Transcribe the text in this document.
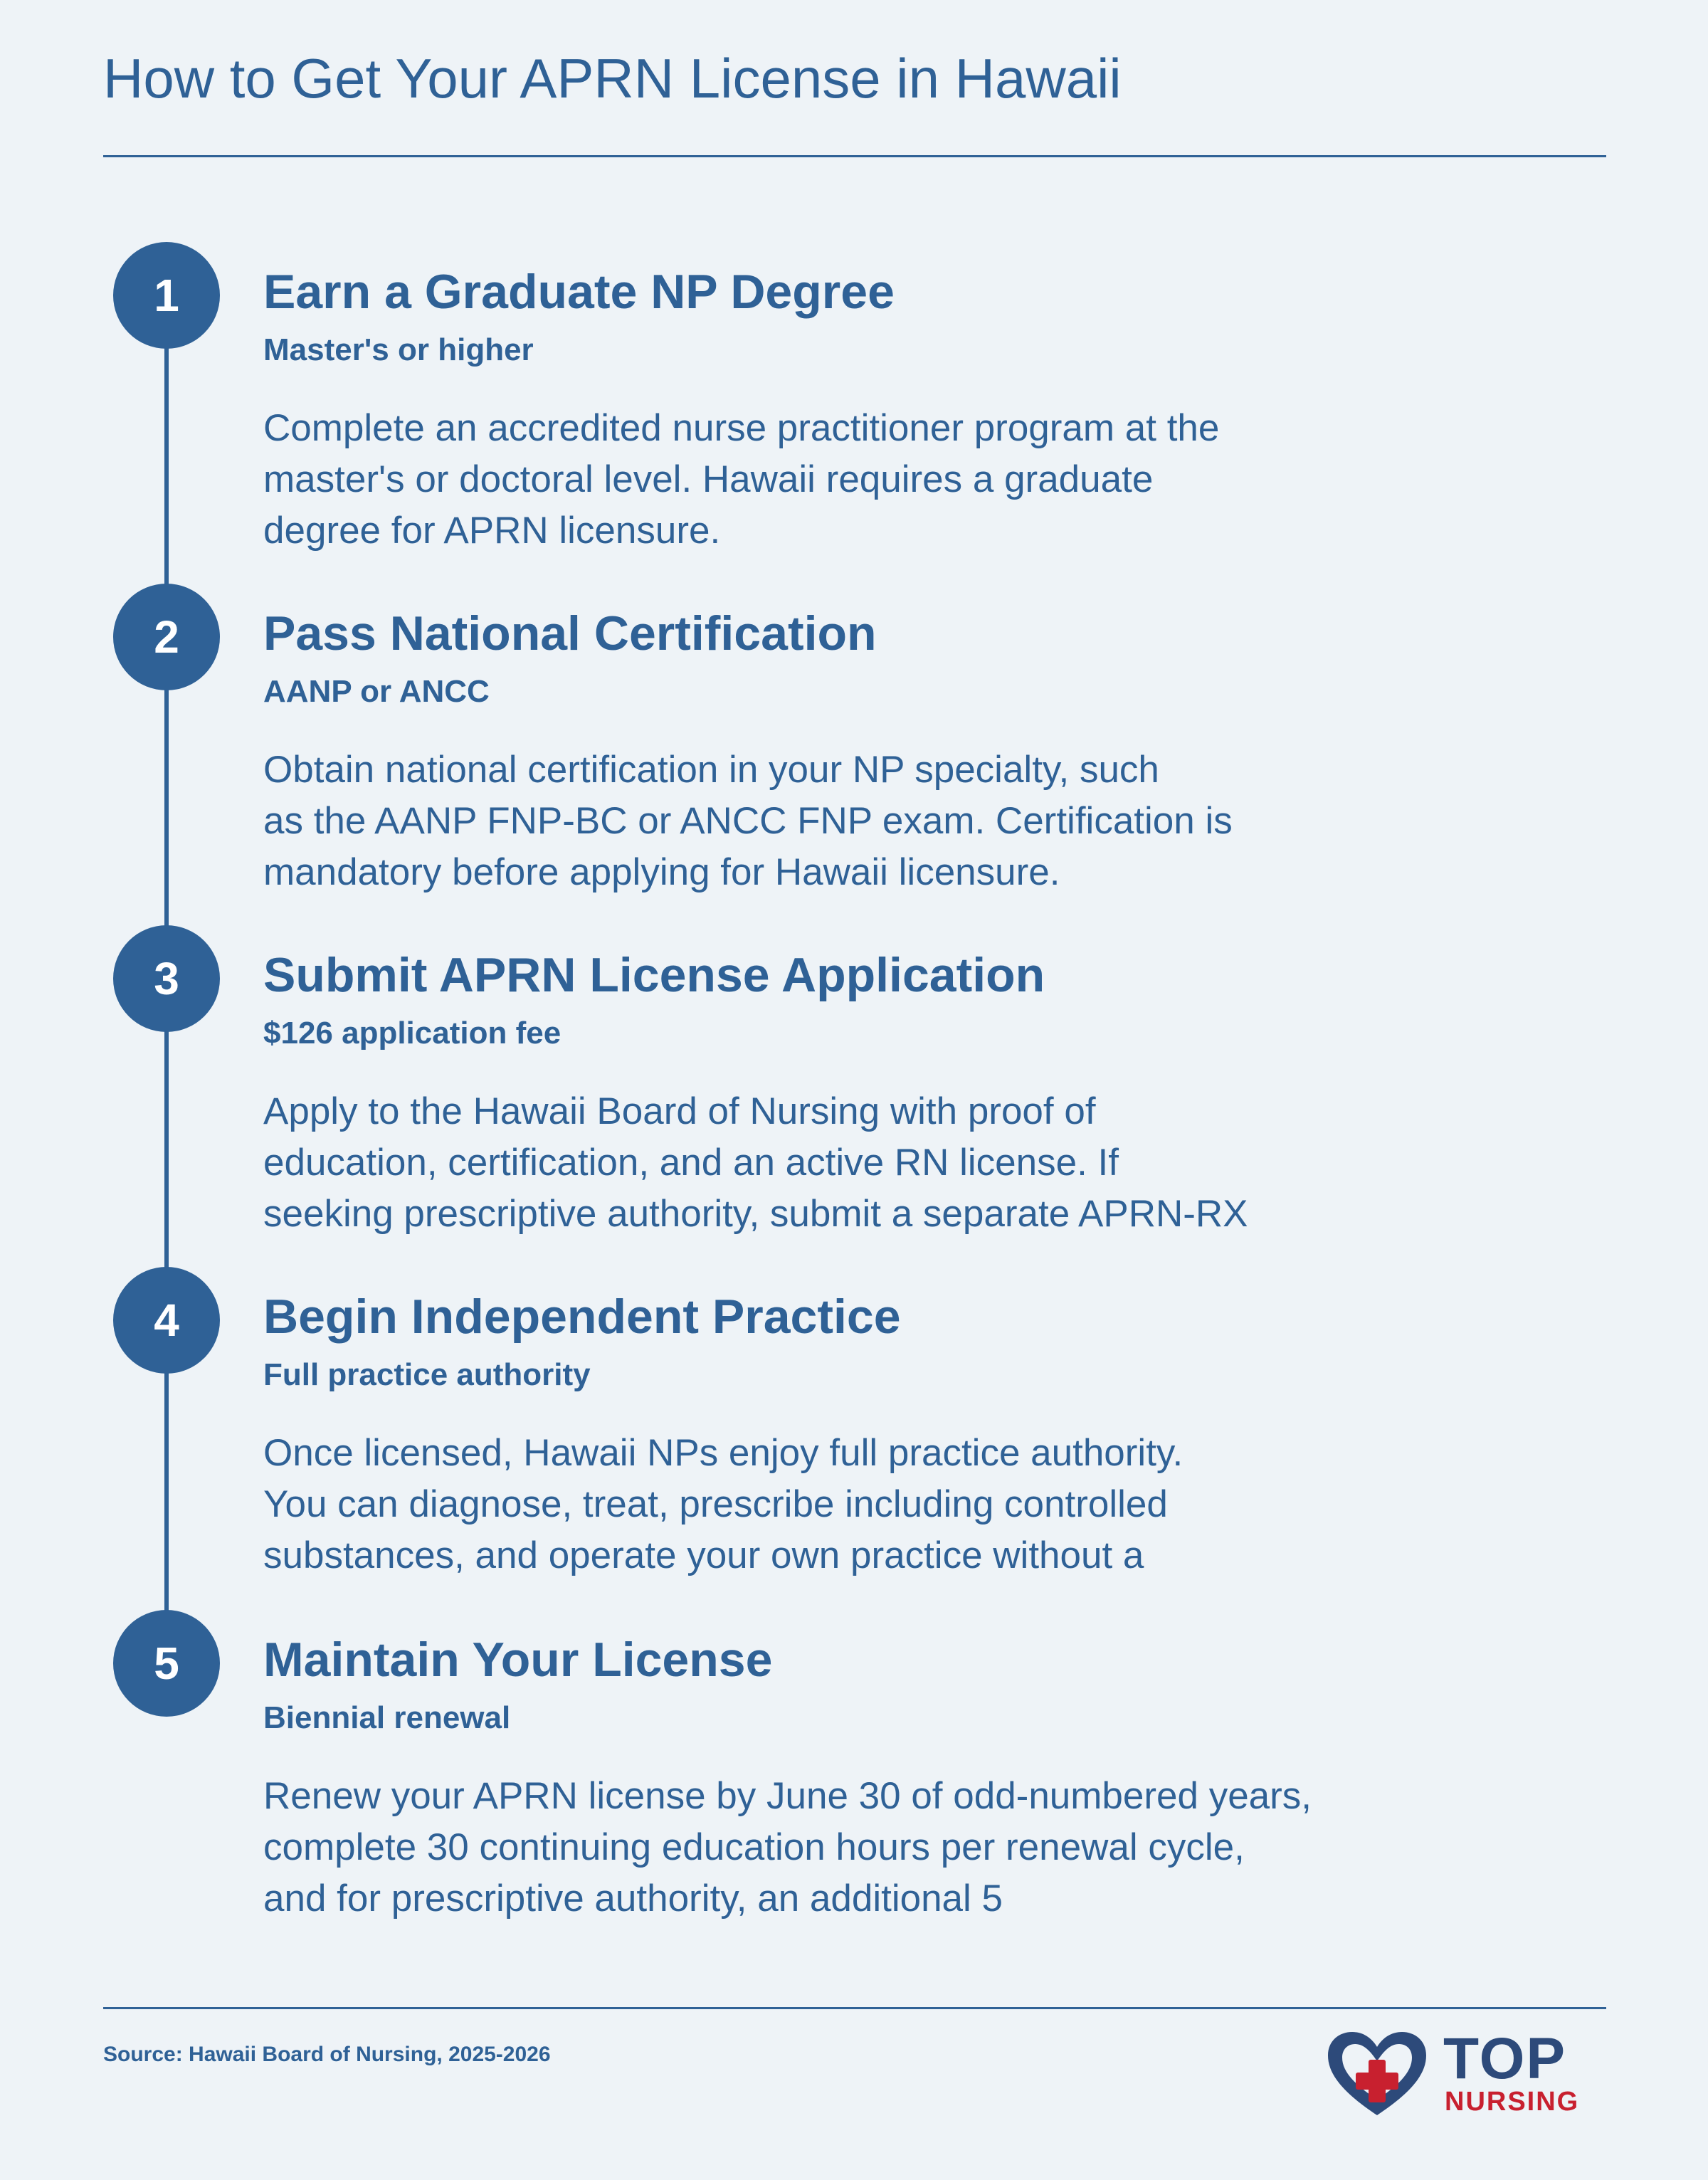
How to Get Your APRN License in Hawaii
1	Earn a Graduate NP Degree
Master's or higher
Complete an accredited nurse practitioner program at the
master's or doctoral level. Hawaii requires a graduate
degree for APRN licensure.
2	Pass National Certification
AANP or ANCC
Obtain national certification in your NP specialty, such
as the AANP FNP-BC or ANCC FNP exam. Certification is
mandatory before applying for Hawaii licensure.
3	Submit APRN License Application
$126 application fee
Apply to the Hawaii Board of Nursing with proof of
education, certification, and an active RN license. If
seeking prescriptive authority, submit a separate APRN-RX
4	Begin Independent Practice
Full practice authority
Once licensed, Hawaii NPs enjoy full practice authority.
You can diagnose, treat, prescribe including controlled
substances, and operate your own practice without a
5	Maintain Your License
Biennial renewal
Renew your APRN license by June 30 of odd-numbered years,
complete 30 continuing education hours per renewal cycle,
and for prescriptive authority, an additional 5
Source: Hawaii Board of Nursing, 2025-2026	TOP
NURSING
